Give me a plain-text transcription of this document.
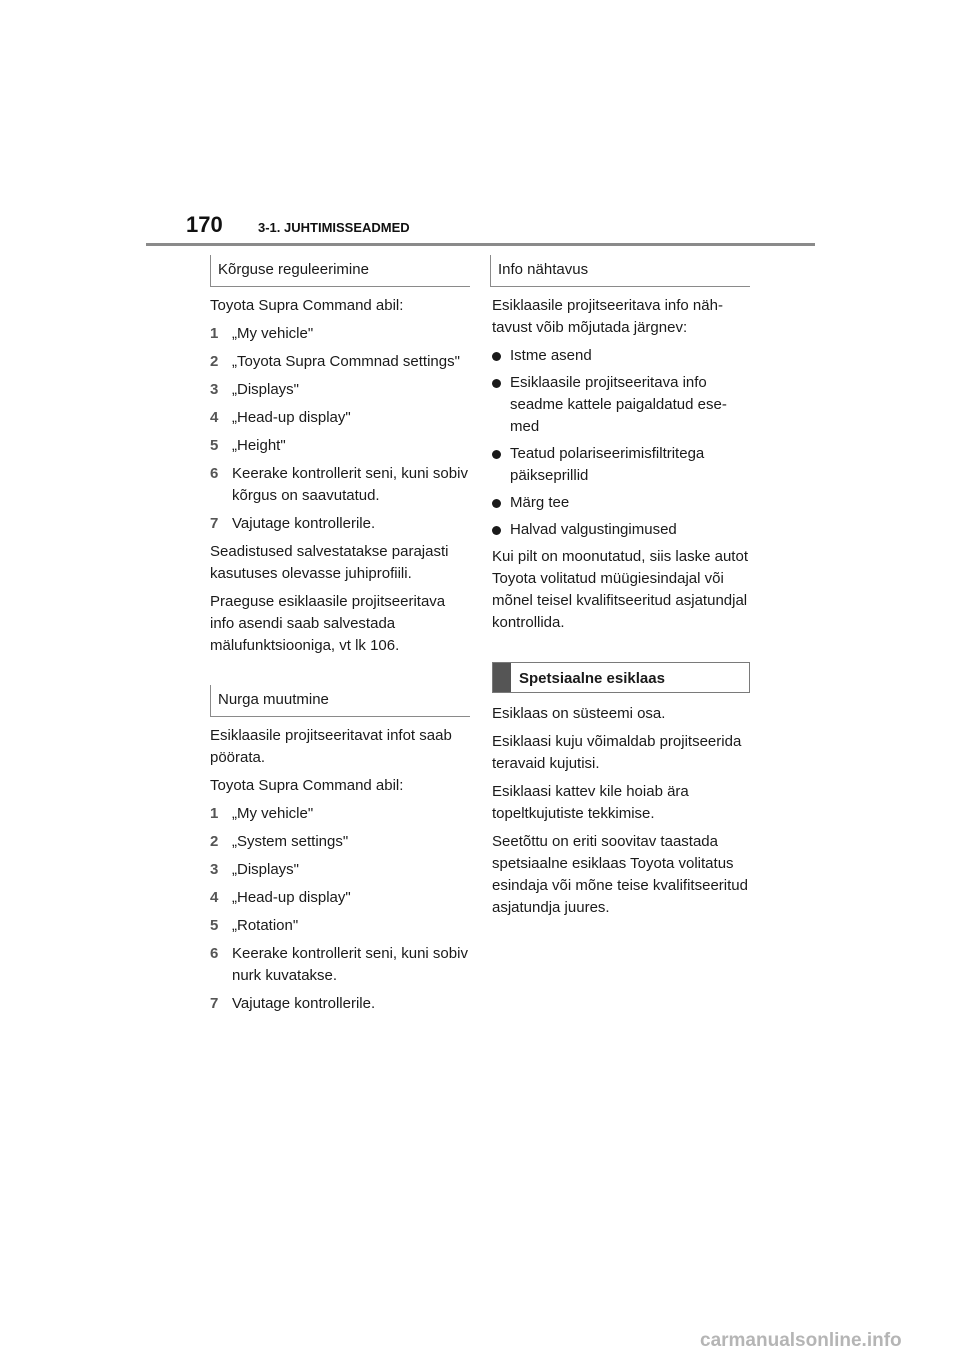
170	3-1. JUHTIMISSEADMED
Kõrguse reguleerimine

Toyota Supra Command abil:

1 „My vehicle"
2 „Toyota Supra Commnad settings"
3 „Displays"
4 „Head-up display"
5 „Height"
6 Keerake kontrollerit seni, kuni sobiv kõrgus on saavutatud.
7 Vajutage kontrollerile.

Seadistused salvestatakse parajasti kasutuses olevasse juhiprofiili.

Praeguse esiklaasile projitseeritava info asendi saab salvestada mälufunktsiooniga, vt lk 106.

Nurga muutmine

Esiklaasile projitseeritavat infot saab pöörata.

Toyota Supra Command abil:

1 „My vehicle"
2 „System settings"
3 „Displays"
4 „Head-up display"
5 „Rotation"
6 Keerake kontrollerit seni, kuni sobiv nurk kuvatakse.
7 Vajutage kontrollerile.
Info nähtavus

Esiklaasile projitseeritava info nähtavust võib mõjutada järgnev:

Istme asend
Esiklaasile projitseeritava info seadme kattele paigaldatud esemed
Teatud polariseerimisfiltritega päikseprillid
Märg tee
Halvad valgustingimused

Kui pilt on moonutatud, siis laske autot Toyota volitatud müügiesindajal või mõnel teisel kvalifitseeritud asjatundjal kontrollida.

Spetsiaalne esiklaas

Esiklaas on süsteemi osa.

Esiklaasi kuju võimaldab projitseerida teravaid kujutisi.

Esiklaasi kattev kile hoiab ära topeltkujutiste tekkimise.

Seetõttu on eriti soovitav taastada spetsiaalne esiklaas Toyota volitatus esindaja või mõne teise kvalifitseeritud asjatundja juures.

carmanualsonline.info
